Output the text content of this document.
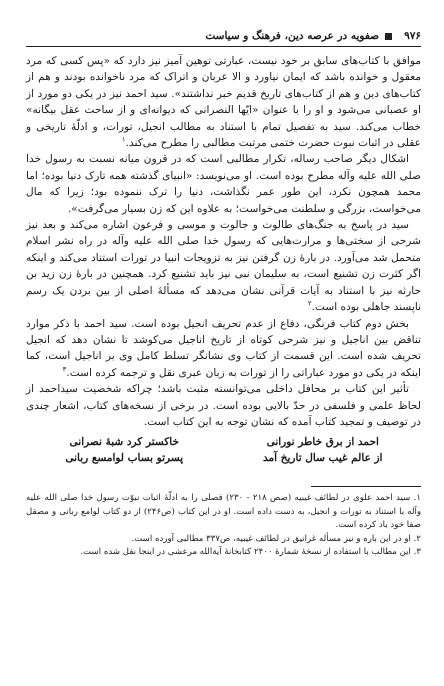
۹۷۶
صفویه در عرصه دین، فرهنگ و سیاست

موافق با کتاب‌های سابق بر خود نیست، عبارتی توهین آمیز نیز دارد که «پس کسی که مرد معقول و خوانده باشد که ایمان نیاورد و الا عربان و اتراک که مرد ناخوانده بودند و هم از کتاب‌های دین و هم از کتاب‌های تاریخ قدیم خبر نداشتند». سید احمد نیز در یکی دو مورد از او عصبانی می‌شود و او را با عنوان «ایّها النصرانی که دیوانه‌ای و از ساحت عقل بیگانه» خطاب می‌کند. سید به تفصیل تمام با استناد به مطالب انجیل، تورات، و ادلّهٔ تاریخی و عقلی در اثبات نبوت حضرت ختمی مرتبت مطالبی را مطرح می‌کند.$^۱$

اشکال دیگر صاحب رساله، تکرار مطالبی است که در قرون میانه نسبت به رسول خدا صلی الله علیه وآله مطرح بوده است. او می‌نویسد: «انبیای گذشته همه تارک دنیا بوده؛ اما محمد همچون نکرد، این طور عمر نگذاشت، دنیا را ترک ننموده بود؛ زیرا که مال می‌خواست، بزرگی و سلطنت می‌خواست؛ به علاوه این که زن بسیار می‌گرفت».

سید در پاسخ به جنگ‌های طالوت و جالوت و موسی و فرعون اشاره می‌کند و بعد نیز شرحی از سختی‌ها و مرارت‌هایی که رسول خدا صلی الله علیه وآله در راه نشر اسلام متحمل شد می‌آورد. در بارهٔ زن گرفتن نیز به تزویجات انبیا در تورات استناد می‌کند و اینکه اگر کثرت زن تشنیع است، به سلیمان نبی نیز باید تشنیع کرد. همچنین در بارهٔ زن زید بن حارثه نیز با استناد به آیات قرآنی نشان می‌دهد که مسألهٔ اصلی از بین بردن یک رسم ناپسند جاهلی بوده است.$^۲$

بخش دوم کتاب فرنگی، دفاع از عدم تحریف انجیل بوده است. سید احمد با ذکر موارد تناقض بین اناجیل و نیز شرحی کوتاه از تاریخ اناجیل می‌کوشد تا نشان دهد که انجیل تحریف شده است. این قسمت از کتاب وی نشانگر تسلط کامل وی بر اناجیل است، کما اینکه در یکی دو مورد عباراتی را از تورات به زبان عبری نقل و ترجمه کرده است.$^۳$

تأثیر این کتاب بر محافل داخلی می‌توانسته مثبت باشد؛ چراکه شخصیت سیداحمد از لحاظ علمی و فلسفی در حدّ بالایی بوده است. در برخی از نسخه‌های کتاب، اشعار چندی در توصیف و تمجید کتاب آمده که نشان توجه به این کتاب است.

احمد از برق خاطر نورانی
خاکستر کرد شبهٔ نصرانی
از عالم غیب سال تاریخ آمد
پسرتو بساب لوامسع ربانی

۱. سید احمد علوی در لطائف غیبیه (صص ۲۱۸ - ۲۳۰) فصلی را به ادلّهٔ اثبات نبوّت رسول خدا صلی الله علیه وآله با استناد به تورات و انجیل، به دست داده است. او در این کتاب (ص۲۴۶) از دو کتاب لوامع ربانی و مصقل صفا خود یاد کرده است.

۲. او در این باره و نیز مسأله غرانیق در لطائف غیبیه، ص۳۳۷ مطالبی آورده است.

۳. این مطالب با استفاده از نسخهٔ شمارهٔ ۲۴۰۰ کتابخانهٔ آیةالله مرعشی در اینجا نقل شده است.
